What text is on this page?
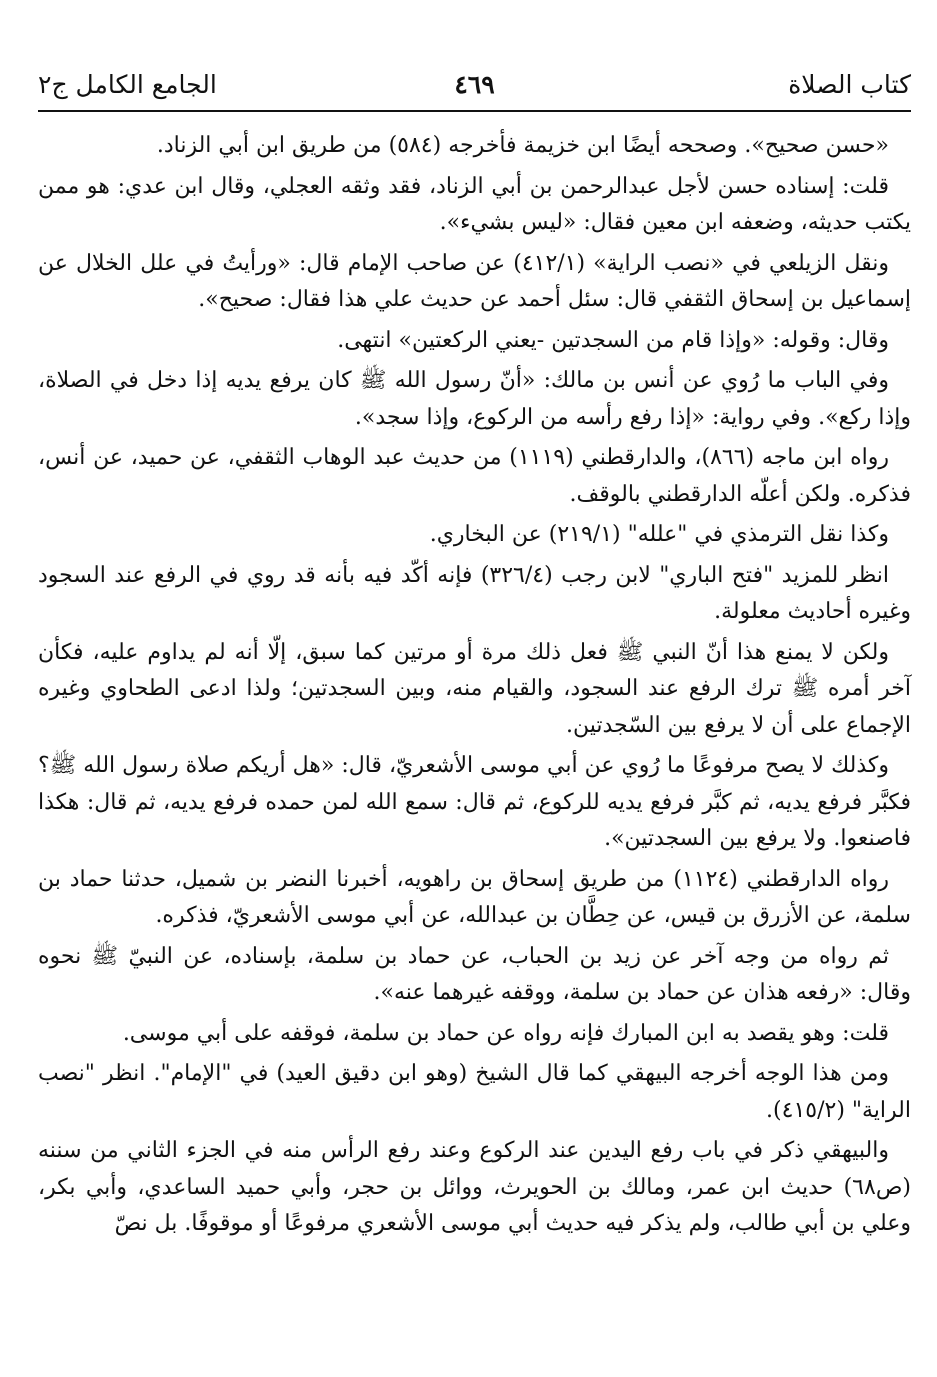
كتاب الصلاة
٤٦٩
الجامع الكامل ج٢

«حسن صحيح». وصححه أيضًا ابن خزيمة فأخرجه (٥٨٤) من طريق ابن أبي الزناد.

قلت: إسناده حسن لأجل عبدالرحمن بن أبي الزناد، فقد وثقه العجلي، وقال ابن عدي: هو ممن يكتب حديثه، وضعفه ابن معين فقال: «ليس بشيء».

ونقل الزيلعي في «نصب الراية» (٤١٢/١) عن صاحب الإمام قال: «ورأيتُ في علل الخلال عن إسماعيل بن إسحاق الثقفي قال: سئل أحمد عن حديث علي هذا فقال: صحيح».

وقال: وقوله: «وإذا قام من السجدتين -يعني الركعتين» انتهى.

وفي الباب ما رُوي عن أنس بن مالك: «أنّ رسول الله ﷺ كان يرفع يديه إذا دخل في الصلاة، وإذا ركع». وفي رواية: «إذا رفع رأسه من الركوع، وإذا سجد».

رواه ابن ماجه (٨٦٦)، والدارقطني (١١١٩) من حديث عبد الوهاب الثقفي، عن حميد، عن أنس، فذكره. ولكن أعلّه الدارقطني بالوقف.

وكذا نقل الترمذي في "علله" (٢١٩/١) عن البخاري.

انظر للمزيد "فتح الباري" لابن رجب (٣٢٦/٤) فإنه أكّد فيه بأنه قد روي في الرفع عند السجود وغيره أحاديث معلولة.

ولكن لا يمنع هذا أنّ النبي ﷺ فعل ذلك مرة أو مرتين كما سبق، إلّا أنه لم يداوم عليه، فكأن آخر أمره ﷺ ترك الرفع عند السجود، والقيام منه، وبين السجدتين؛ ولذا ادعى الطحاوي وغيره الإجماع على أن لا يرفع بين السّجدتين.

وكذلك لا يصح مرفوعًا ما رُوي عن أبي موسى الأشعريّ، قال: «هل أريكم صلاة رسول الله ﷺ؟ فكبَّر فرفع يديه، ثم كبَّر فرفع يديه للركوع، ثم قال: سمع الله لمن حمده فرفع يديه، ثم قال: هكذا فاصنعوا. ولا يرفع بين السجدتين».

رواه الدارقطني (١١٢٤) من طريق إسحاق بن راهويه، أخبرنا النضر بن شميل، حدثنا حماد بن سلمة، عن الأزرق بن قيس، عن حِطَّان بن عبدالله، عن أبي موسى الأشعريّ، فذكره.

ثم رواه من وجه آخر عن زيد بن الحباب، عن حماد بن سلمة، بإسناده، عن النبيّ ﷺ نحوه وقال: «رفعه هذان عن حماد بن سلمة، ووقفه غيرهما عنه».

قلت: وهو يقصد به ابن المبارك فإنه رواه عن حماد بن سلمة، فوقفه على أبي موسى.

ومن هذا الوجه أخرجه البيهقي كما قال الشيخ (وهو ابن دقيق العيد) في "الإمام". انظر "نصب الراية" (٤١٥/٢).

والبيهقي ذكر في باب رفع اليدين عند الركوع وعند رفع الرأس منه في الجزء الثاني من سننه (ص٦٨) حديث ابن عمر، ومالك بن الحويرث، ووائل بن حجر، وأبي حميد الساعدي، وأبي بكر، وعلي بن أبي طالب، ولم يذكر فيه حديث أبي موسى الأشعري مرفوعًا أو موقوفًا. بل نصّ
